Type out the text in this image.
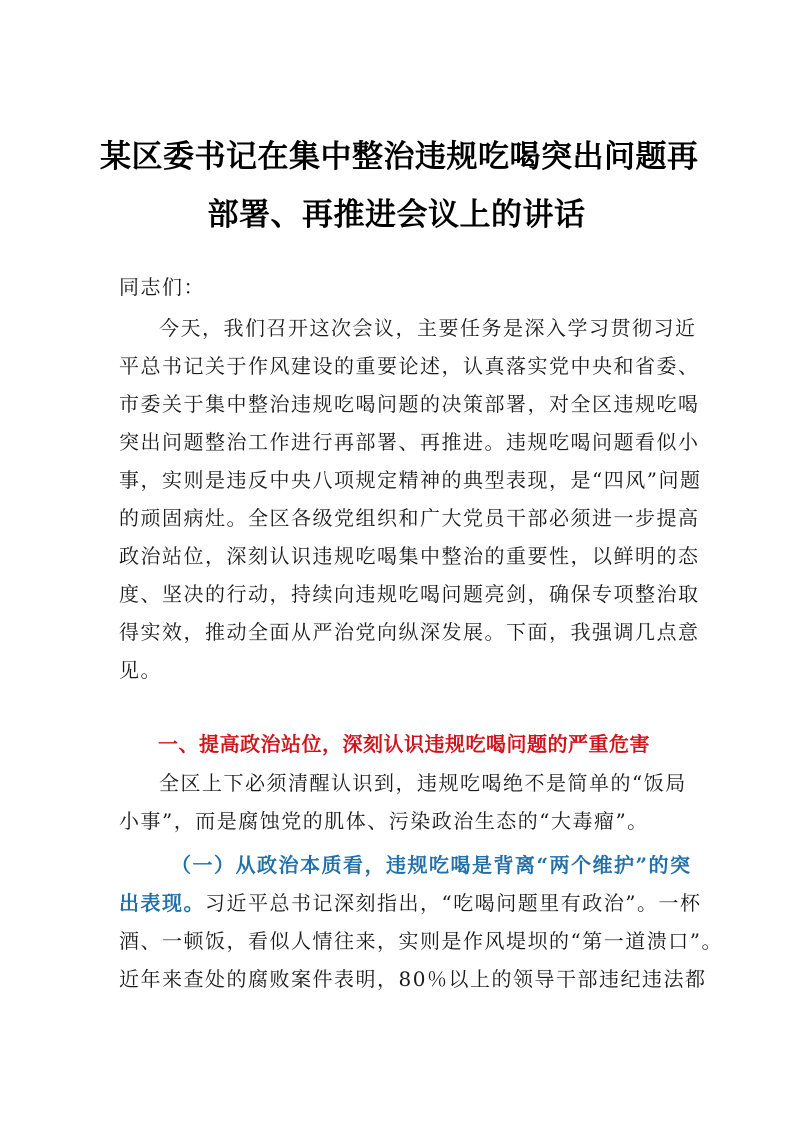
某区委书记在集中整治违规吃喝突出问题再
部署、再推进会议上的讲话
同志们：
今天，我们召开这次会议，主要任务是深入学习贯彻习近
平总书记关于作风建设的重要论述，认真落实党中央和省委、
市委关于集中整治违规吃喝问题的决策部署，对全区违规吃喝
突出问题整治工作进行再部署、再推进。违规吃喝问题看似小
事，实则是违反中央八项规定精神的典型表现，是“四风”问题
的顽固病灶。全区各级党组织和广大党员干部必须进一步提高
政治站位，深刻认识违规吃喝集中整治的重要性，以鲜明的态
度、坚决的行动，持续向违规吃喝问题亮剑，确保专项整治取
得实效，推动全面从严治党向纵深发展。下面，我强调几点意
见。
一、提高政治站位，深刻认识违规吃喝问题的严重危害
全区上下必须清醒认识到，违规吃喝绝不是简单的“饭局
小事”，而是腐蚀党的肌体、污染政治生态的“大毒瘤”。
（一）从政治本质看，违规吃喝是背离“两个维护”的突
出表现。习近平总书记深刻指出，“吃喝问题里有政治”。一杯
酒、一顿饭，看似人情往来，实则是作风堤坝的“第一道溃口”。
近年来查处的腐败案件表明，80％以上的领导干部违纪违法都
